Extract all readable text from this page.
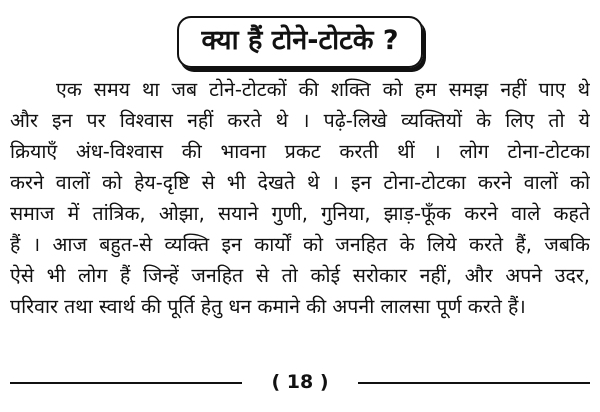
क्या हैं टोने-टोटके ?
एक समय था जब टोने-टोटकों की शक्ति को हम समझ नहीं पाए थे
और इन पर विश्वास नहीं करते थे । पढ़े-लिखे व्यक्तियों के लिए तो ये
क्रियाएँ अंध-विश्वास की भावना प्रकट करती थीं । लोग टोना-टोटका
करने वालों को हेय-दृष्टि से भी देखते थे । इन टोना-टोटका करने वालों को
समाज में तांत्रिक, ओझा, सयाने गुणी, गुनिया, झाड़-फूँक करने वाले कहते
हैं । आज बहुत-से व्यक्ति इन कार्यों को जनहित के लिये करते हैं, जबकि
ऐसे भी लोग हैं जिन्हें जनहित से तो कोई सरोकार नहीं, और अपने उदर,
परिवार तथा स्वार्थ की पूर्ति हेतु धन कमाने की अपनी लालसा पूर्ण करते हैं।
( 18 )
